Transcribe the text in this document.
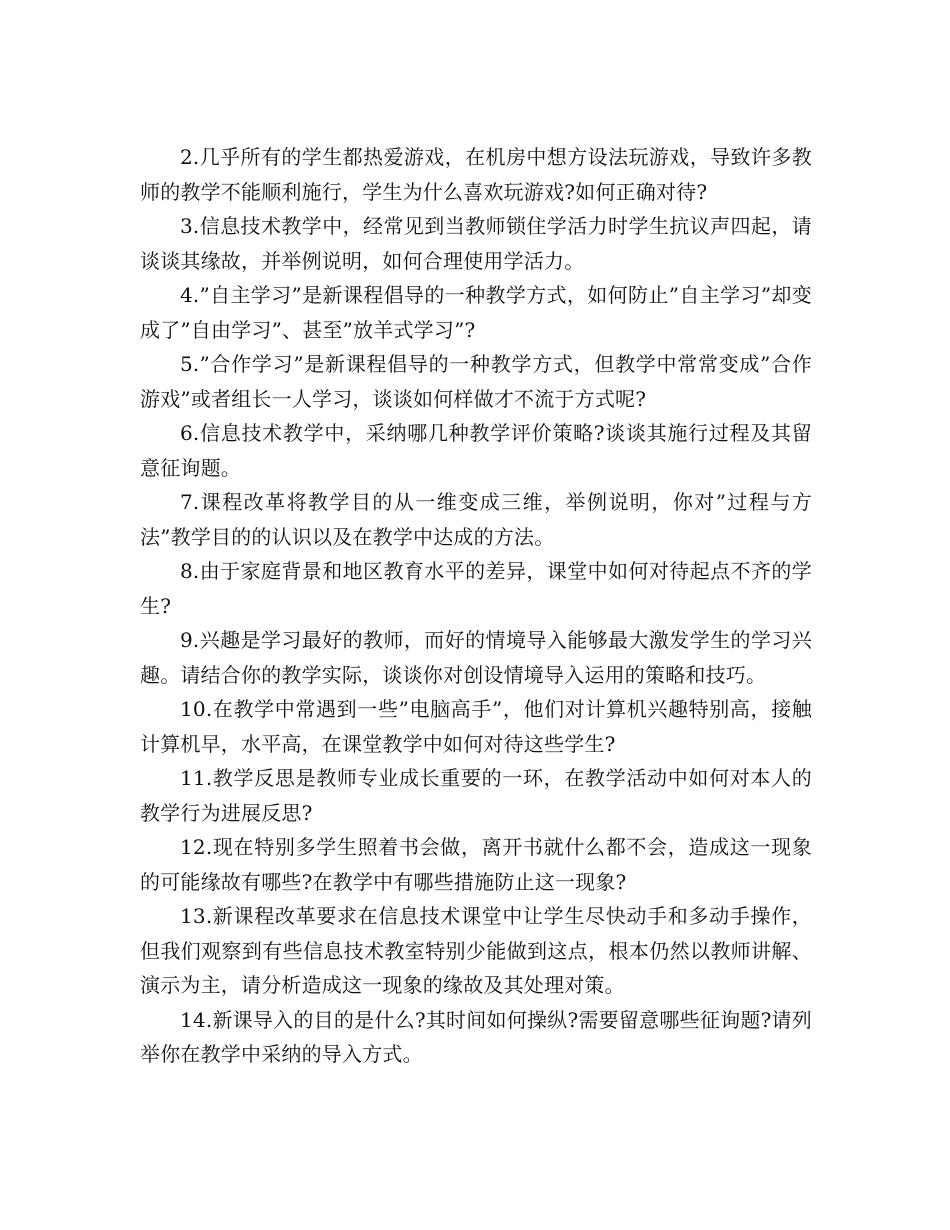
2.几乎所有的学生都热爱游戏，在机房中想方设法玩游戏，导致许多教师的教学不能顺利施行，学生为什么喜欢玩游戏?如何正确对待?

3.信息技术教学中，经常见到当教师锁住学活力时学生抗议声四起，请谈谈其缘故，并举例说明，如何合理使用学活力。

4.”自主学习”是新课程倡导的一种教学方式，如何防止”自主学习”却变成了”自由学习”、甚至”放羊式学习”?

5.”合作学习”是新课程倡导的一种教学方式，但教学中常常变成”合作游戏”或者组长一人学习，谈谈如何样做才不流于方式呢?

6.信息技术教学中，采纳哪几种教学评价策略?谈谈其施行过程及其留意征询题。

7.课程改革将教学目的从一维变成三维，举例说明，你对”过程与方法”教学目的的认识以及在教学中达成的方法。

8.由于家庭背景和地区教育水平的差异，课堂中如何对待起点不齐的学生?

9.兴趣是学习最好的教师，而好的情境导入能够最大激发学生的学习兴趣。请结合你的教学实际，谈谈你对创设情境导入运用的策略和技巧。

10.在教学中常遇到一些”电脑高手”，他们对计算机兴趣特别高，接触计算机早，水平高，在课堂教学中如何对待这些学生?

11.教学反思是教师专业成长重要的一环，在教学活动中如何对本人的教学行为进展反思?

12.现在特别多学生照着书会做，离开书就什么都不会，造成这一现象的可能缘故有哪些?在教学中有哪些措施防止这一现象?

13.新课程改革要求在信息技术课堂中让学生尽快动手和多动手操作，但我们观察到有些信息技术教室特别少能做到这点，根本仍然以教师讲解、演示为主，请分析造成这一现象的缘故及其处理对策。

14.新课导入的目的是什么?其时间如何操纵?需要留意哪些征询题?请列举你在教学中采纳的导入方式。
